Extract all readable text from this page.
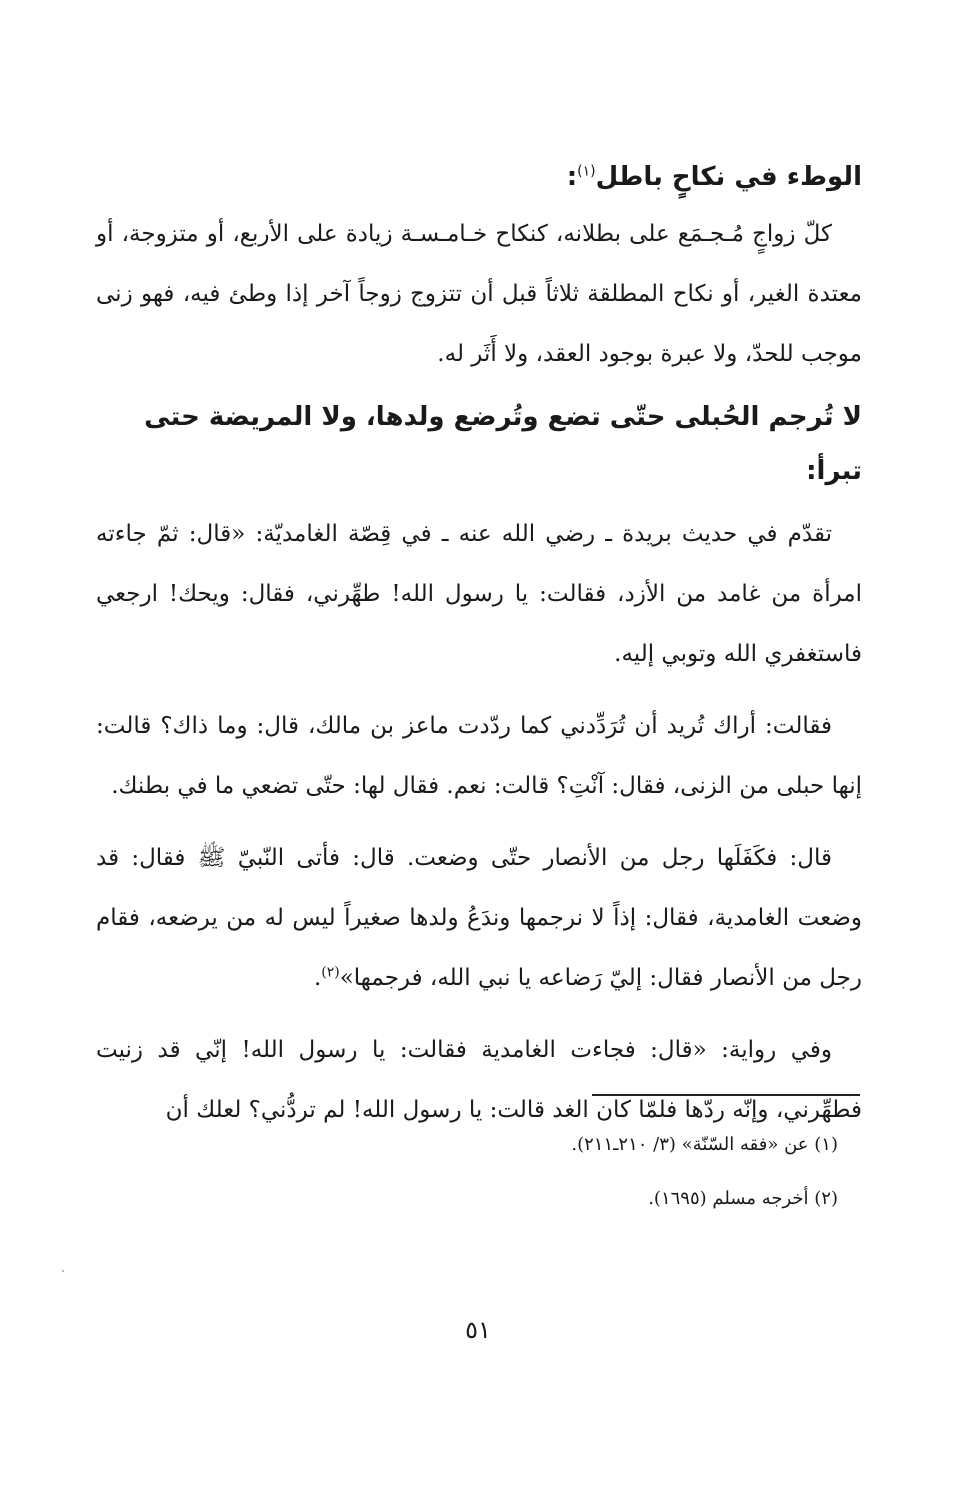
الوطء في نكاحٍ باطل$^{(١)}$:

كلّ زواجٍ مُـجـمَع على بطلانه، كنكاح خـامـسـة زيادة على الأربع، أو متزوجة، أو معتدة الغير، أو نكاح المطلقة ثلاثاً قبل أن تتزوج زوجاً آخر إذا وطئ فيه، فهو زنى موجب للحدّ، ولا عبرة بوجود العقد، ولا أَثَر له.

لا تُرجم الحُبلى حتّى تضع وتُرضع ولدها، ولا المريضة حتى تبرأ:

تقدّم في حديث بريدة ـ رضي الله عنه ـ في قِصّة الغامديّة: «قال: ثمّ جاءته امرأة من غامد من الأزد، فقالت: يا رسول الله! طهِّرني، فقال: ويحك! ارجعي فاستغفري الله وتوبي إليه.

فقالت: أراك تُريد أن تُرَدِّدني كما ردّدت ماعز بن مالك، قال: وما ذاك؟ قالت: إنها حبلى من الزنى، فقال: آنْتِ؟ قالت: نعم. فقال لها: حتّى تضعي ما في بطنك.

قال: فكَفَلَها رجل من الأنصار حتّى وضعت. قال: فأتى النّبيّ ﷺ فقال: قد وضعت الغامدية، فقال: إذاً لا نرجمها وندَعُ ولدها صغيراً ليس له من يرضعه، فقام رجل من الأنصار فقال: إليّ رَضاعه يا نبي الله، فرجمها»$^{(٢)}$.

وفي رواية: «قال: فجاءت الغامدية فقالت: يا رسول الله! إنّي قد زنيت فطهِّرني، وإنّه ردّها فلمّا كان الغد قالت: يا رسول الله! لم تردُّني؟ لعلك أن

(١) عن «فقه السّنّة» (٣/ ٢١٠ـ٢١١).

(٢) أخرجه مسلم (١٦٩٥).

٥١
